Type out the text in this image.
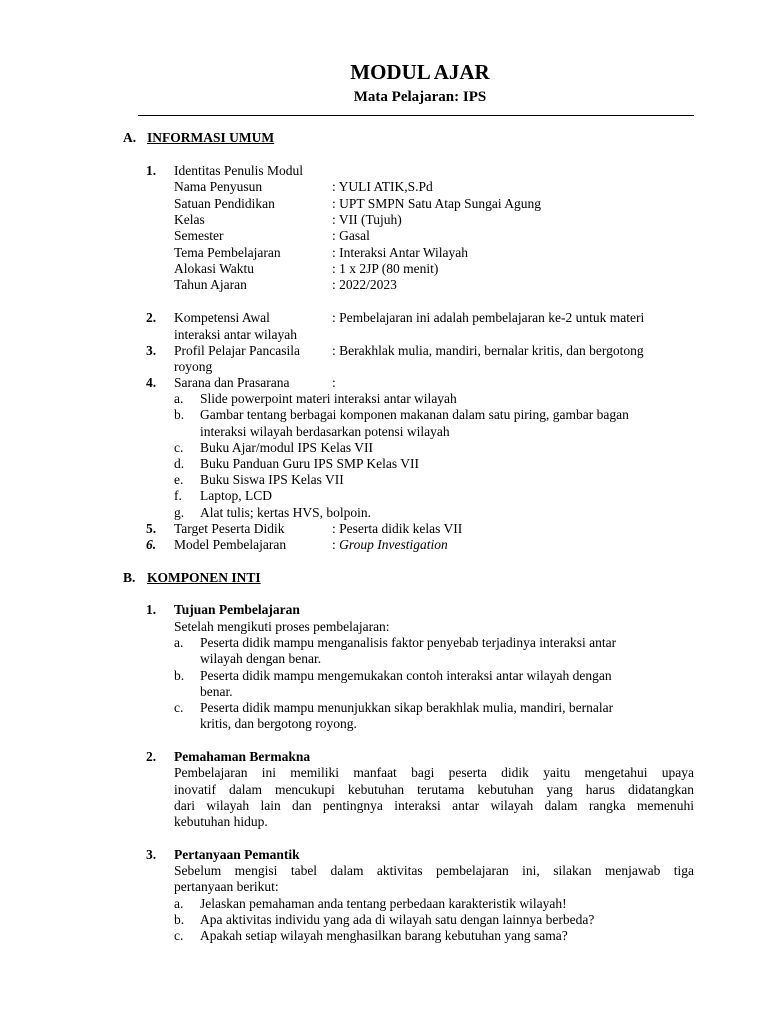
MODUL AJAR
Mata Pelajaran: IPS
A. INFORMASI UMUM
1.	Identitas Penulis Modul
Nama Penyusun	: YULI ATIK,S.Pd
Satuan Pendidikan	: UPT SMPN Satu Atap Sungai Agung
Kelas	: VII (Tujuh)
Semester	: Gasal
Tema Pembelajaran	: Interaksi Antar Wilayah
Alokasi Waktu	: 1 x 2JP (80 menit)
Tahun Ajaran	: 2022/2023
2.	Kompetensi Awal	: Pembelajaran ini adalah pembelajaran ke-2 untuk materi
interaksi antar wilayah
3.	Profil Pelajar Pancasila : Berakhlak mulia, mandiri, bernalar kritis, dan bergotong
royong
4.	Sarana dan Prasarana	:
a.	Slide powerpoint materi interaksi antar wilayah
b.	Gambar tentang berbagai komponen makanan dalam satu piring, gambar bagan
interaksi wilayah berdasarkan potensi wilayah
c.	Buku Ajar/modul IPS Kelas VII
d.	Buku Panduan Guru IPS SMP Kelas VII
e.	Buku Siswa IPS Kelas VII
f.	Laptop, LCD
g.	Alat tulis; kertas HVS, bolpoin.
5.	Target Peserta Didik	: Peserta didik kelas VII
6.	Model Pembelajaran	: Group Investigation
B. KOMPONEN INTI
1.	Tujuan Pembelajaran
Setelah mengikuti proses pembelajaran:
a.	Peserta didik mampu menganalisis faktor penyebab terjadinya interaksi antar
wilayah dengan benar.
b.	Peserta didik mampu mengemukakan contoh interaksi antar wilayah dengan
benar.
c.	Peserta didik mampu menunjukkan sikap berakhlak mulia, mandiri, bernalar
kritis, dan bergotong royong.
2.	Pemahaman Bermakna
Pembelajaran ini memiliki manfaat bagi peserta didik yaitu mengetahui upaya
inovatif dalam mencukupi kebutuhan terutama kebutuhan yang harus didatangkan
dari wilayah lain dan pentingnya interaksi antar wilayah dalam rangka memenuhi
kebutuhan hidup.
3.	Pertanyaan Pemantik
Sebelum mengisi tabel dalam aktivitas pembelajaran ini, silakan menjawab tiga
pertanyaan berikut:
a.	Jelaskan pemahaman anda tentang perbedaan karakteristik wilayah!
b.	Apa aktivitas individu yang ada di wilayah satu dengan lainnya berbeda?
c.	Apakah setiap wilayah menghasilkan barang kebutuhan yang sama?
